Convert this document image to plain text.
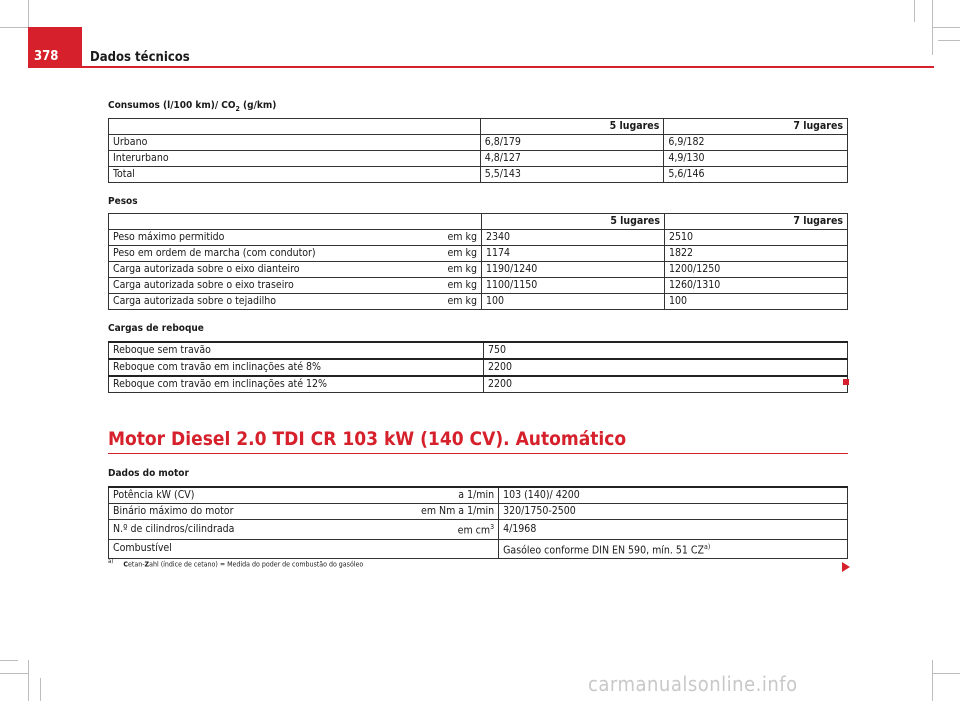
378	Dados técnicos
Consumos (l/100 km)/ $CO_2$ (g/km)
	5 lugares	7 lugares
Urbano	6,8/179	6,9/182
Interurbano	4,8/127	4,9/130
Total	5,5/143	5,6/146
Pesos
		5 lugares	7 lugares
Peso máximo permitido	em kg	2340	2510
Peso em ordem de marcha (com condutor)	em kg	1174	1822
Carga autorizada sobre o eixo dianteiro	em kg	1190/1240	1200/1250
Carga autorizada sobre o eixo traseiro	em kg	1100/1150	1260/1310
Carga autorizada sobre o tejadilho	em kg	100	100
Cargas de reboque
Reboque sem travão	750
Reboque com travão em inclinações até 8%	2200
Reboque com travão em inclinações até 12%	2200
Motor Diesel 2.0 TDI CR 103 kW (140 CV). Automático
Dados do motor
Potência kW (CV)	a 1/min	103 (140)/ 4200
Binário máximo do motor	em Nm a 1/min	320/1750-2500
N.º de cilindros/cilindrada	em $cm^3$	4/1968
Combustível		Gasóleo conforme DIN EN 590, mín. 51 CZ$^{a)}$
$^{a)}$ Cetan-Zahl (índice de cetano) = Medida do poder de combustão do gasóleo
carmanualsonline.info
